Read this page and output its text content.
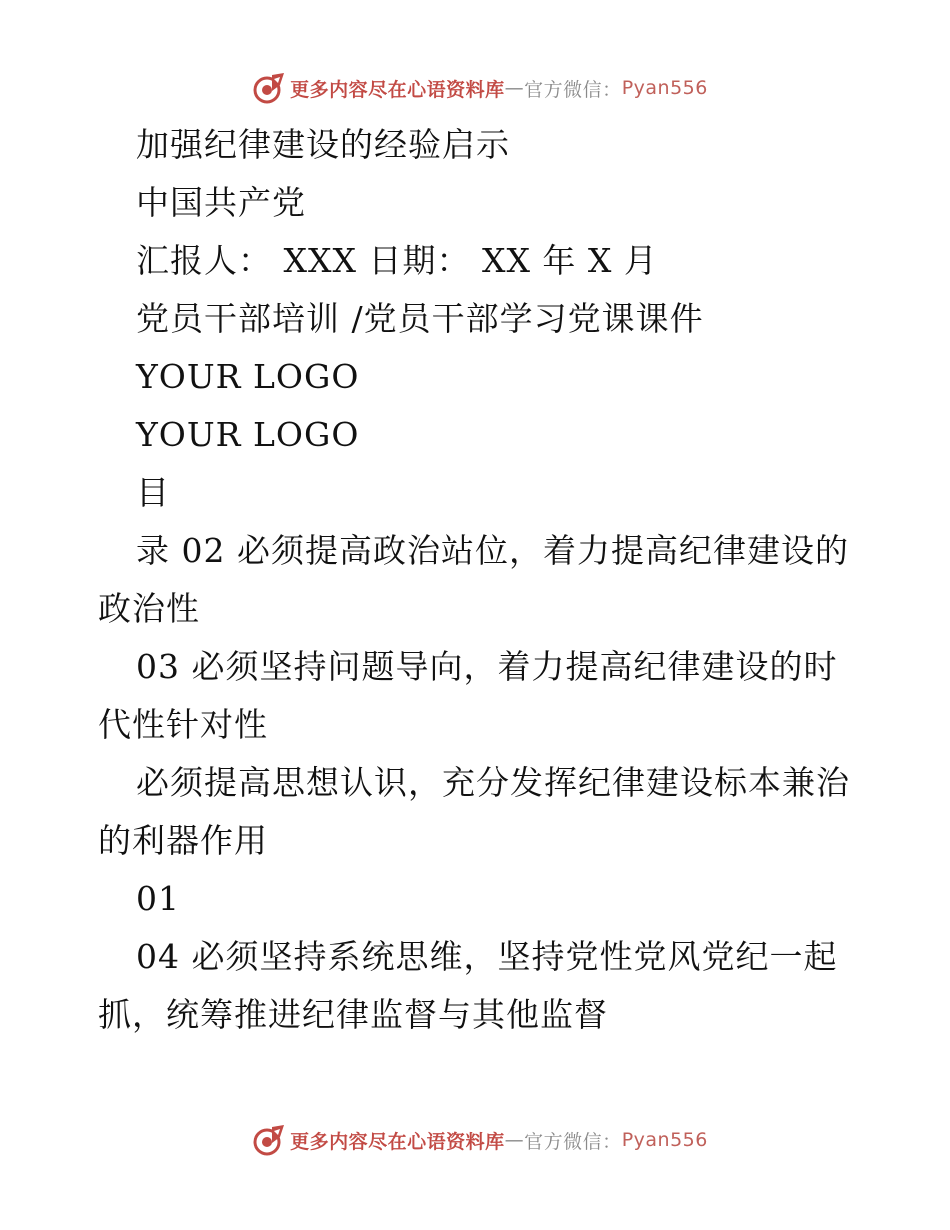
更多内容尽在心语资料库 — 官方微信： Pyan556
加强纪律建设的经验启示
中国共产党
汇报人： XXX 日期： XX 年 X 月
党员干部培训 /党员干部学习党课课件
YOUR LOGO
YOUR LOGO
目
录 02 必须提高政治站位，着力提高纪律建设的政治性
03 必须坚持问题导向，着力提高纪律建设的时代性针对性
必须提高思想认识，充分发挥纪律建设标本兼治的利器作用
01
04 必须坚持系统思维，坚持党性党风党纪一起抓，统筹推进纪律监督与其他监督
更多内容尽在心语资料库 — 官方微信： Pyan556
